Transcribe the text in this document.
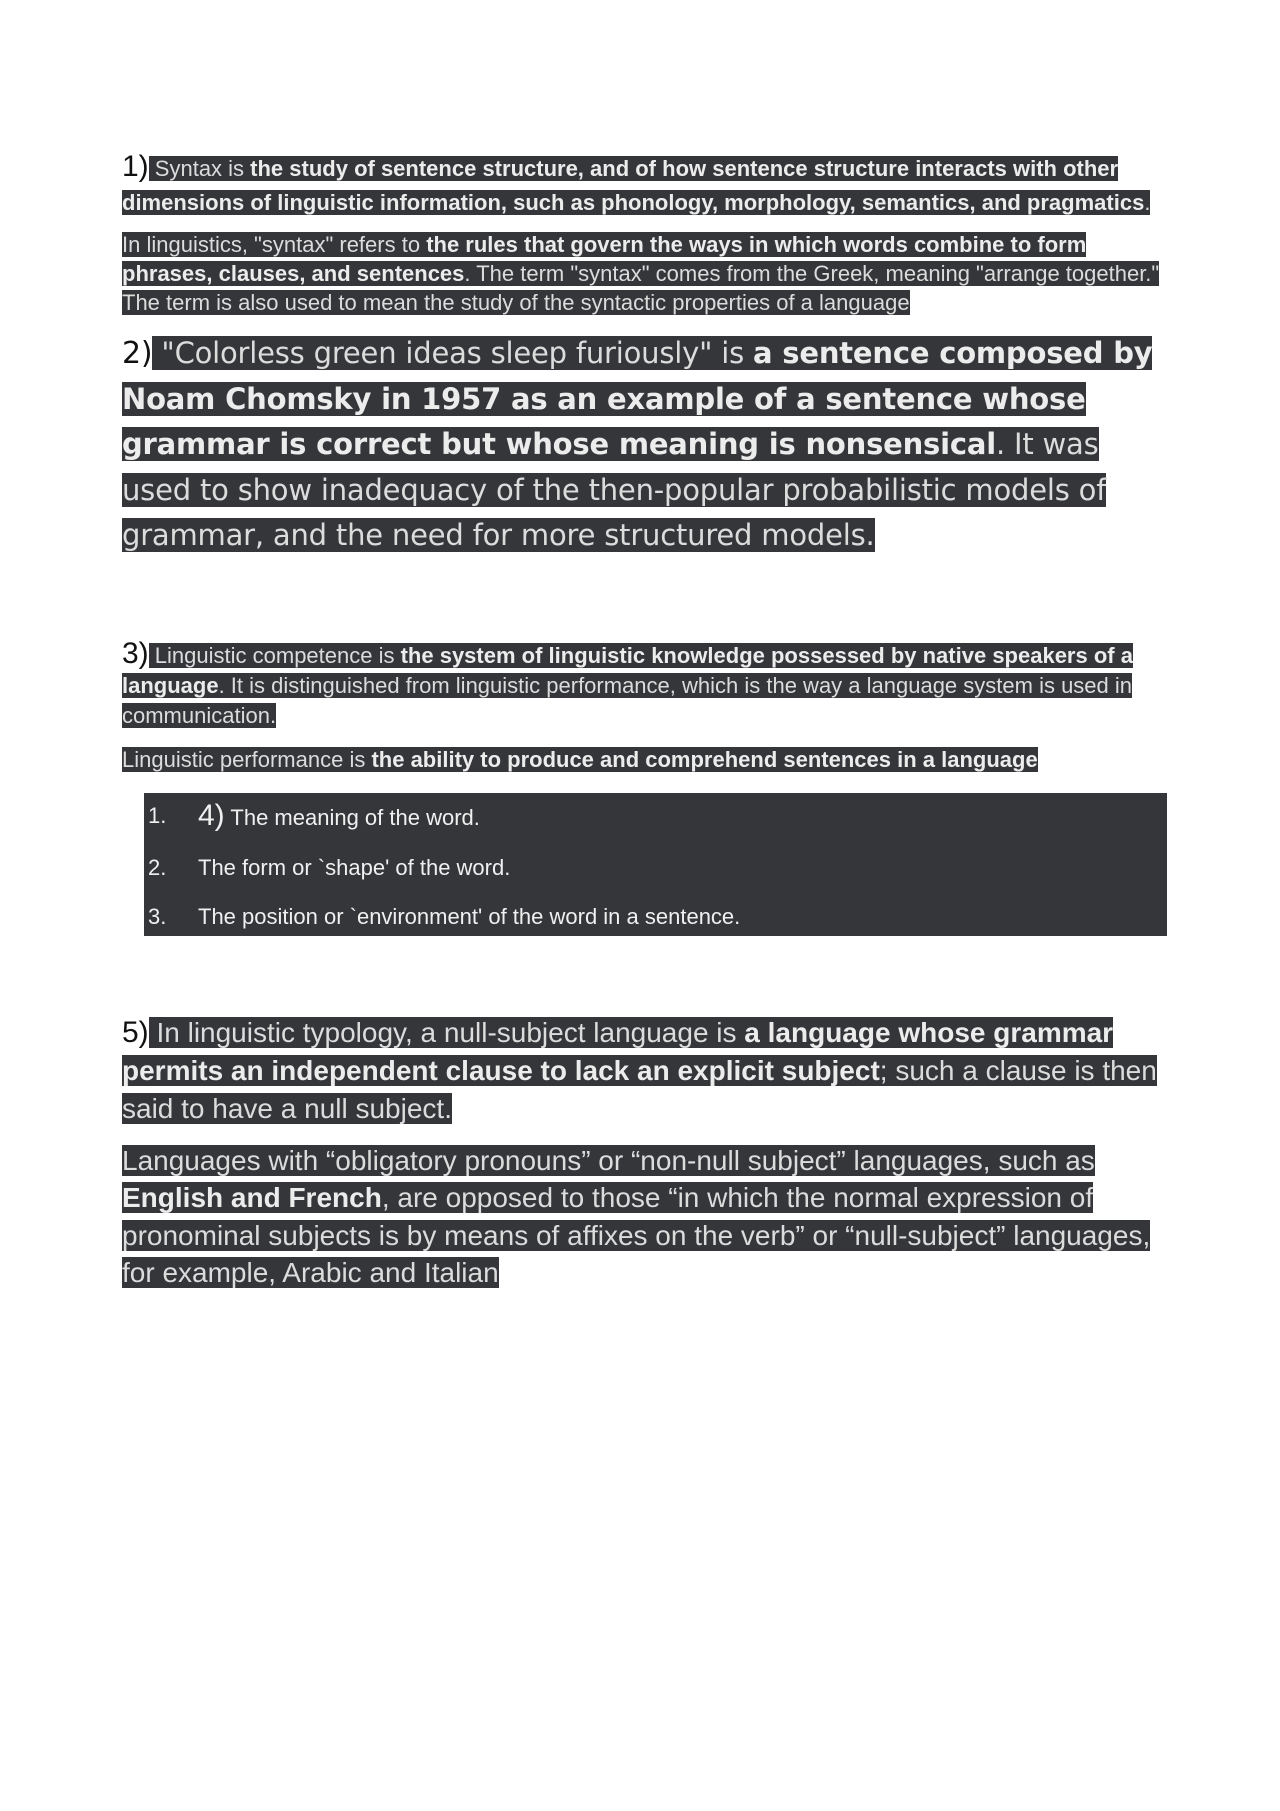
1) Syntax is the study of sentence structure, and of how sentence structure interacts with other dimensions of linguistic information, such as phonology, morphology, semantics, and pragmatics.

In linguistics, "syntax" refers to the rules that govern the ways in which words combine to form phrases, clauses, and sentences. The term "syntax" comes from the Greek, meaning "arrange together." The term is also used to mean the study of the syntactic properties of a language

2) "Colorless green ideas sleep furiously" is a sentence composed by Noam Chomsky in 1957 as an example of a sentence whose grammar is correct but whose meaning is nonsensical. It was used to show inadequacy of the then-popular probabilistic models of grammar, and the need for more structured models.

3) Linguistic competence is the system of linguistic knowledge possessed by native speakers of a language. It is distinguished from linguistic performance, which is the way a language system is used in communication.

Linguistic performance is the ability to produce and comprehend sentences in a language

1.	4) The meaning of the word.
2.	The form or `shape' of the word.
3.	The position or `environment' of the word in a sentence.

5) In linguistic typology, a null-subject language is a language whose grammar permits an independent clause to lack an explicit subject; such a clause is then said to have a null subject.

Languages with “obligatory pronouns” or “non-null subject” languages, such as English and French, are opposed to those “in which the normal expression of pronominal subjects is by means of affixes on the verb” or “null-subject” languages, for example, Arabic and Italian
